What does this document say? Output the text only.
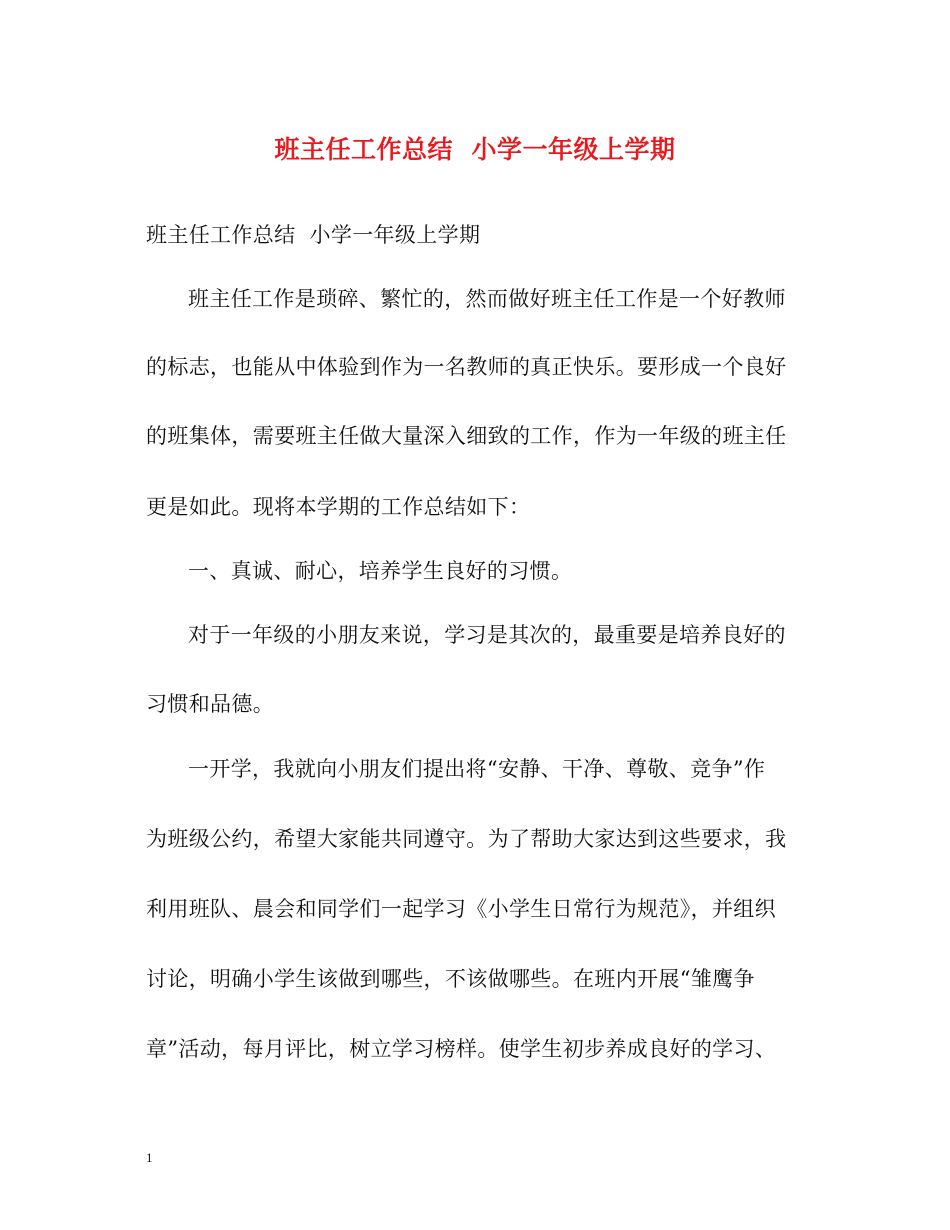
班主任工作总结  小学一年级上学期
班主任工作总结  小学一年级上学期
班主任工作是琐碎、繁忙的，然而做好班主任工作是一个好教师
的标志，也能从中体验到作为一名教师的真正快乐。要形成一个良好
的班集体，需要班主任做大量深入细致的工作，作为一年级的班主任
更是如此。现将本学期的工作总结如下：
一、真诚、耐心，培养学生良好的习惯。
对于一年级的小朋友来说，学习是其次的，最重要是培养良好的
习惯和品德。
一开学，我就向小朋友们提出将“安静、干净、尊敬、竞争”作
为班级公约，希望大家能共同遵守。为了帮助大家达到这些要求，我
利用班队、晨会和同学们一起学习《小学生日常行为规范》，并组织
讨论，明确小学生该做到哪些，不该做哪些。在班内开展“雏鹰争
章”活动，每月评比，树立学习榜样。使学生初步养成良好的学习、
1
